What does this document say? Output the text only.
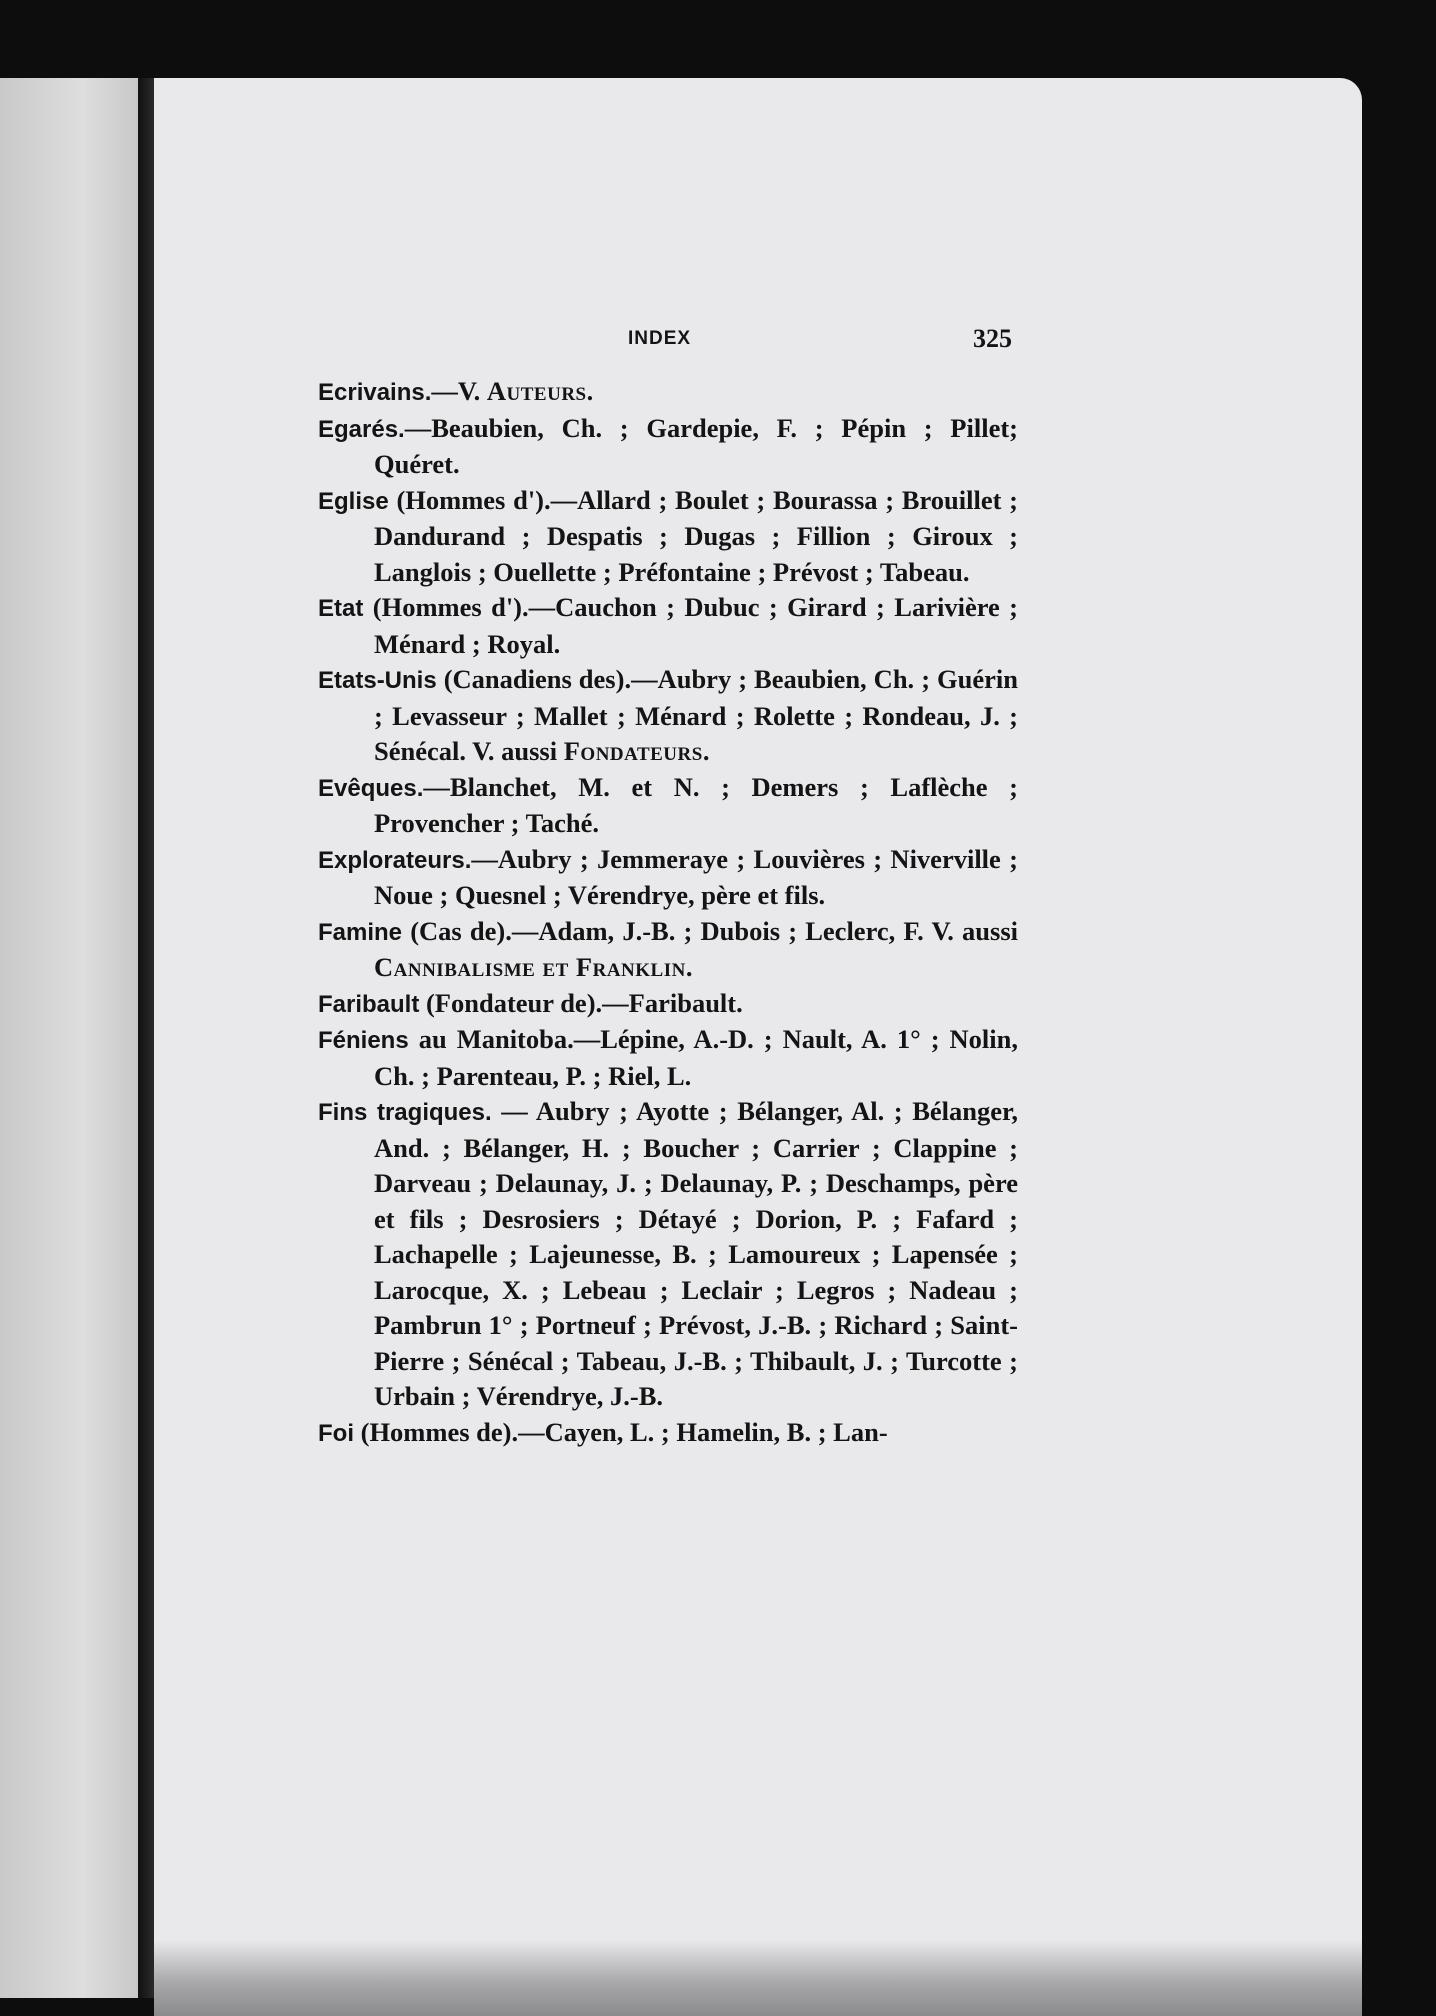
INDEX	325

Ecrivains.—V. Auteurs.

Egarés.—Beaubien, Ch. ; Gardepie, F. ; Pépin ; Pillet; Quéret.

Eglise (Hommes d').—Allard ; Boulet ; Bourassa ; Brouillet ; Dandurand ; Despatis ; Dugas ; Fillion ; Giroux ; Langlois ; Ouellette ; Préfontaine ; Prévost ; Tabeau.

Etat (Hommes d').—Cauchon ; Dubuc ; Girard ; Larivière ; Ménard ; Royal.

Etats-Unis (Canadiens des).—Aubry ; Beaubien, Ch. ; Guérin ; Levasseur ; Mallet ; Ménard ; Rolette ; Rondeau, J. ; Sénécal. V. aussi Fondateurs.

Evêques.—Blanchet, M. et N. ; Demers ; Laflèche ; Provencher ; Taché.

Explorateurs.—Aubry ; Jemmeraye ; Louvières ; Niverville ; Noue ; Quesnel ; Vérendrye, père et fils.

Famine (Cas de).—Adam, J.-B. ; Dubois ; Leclerc, F. V. aussi Cannibalisme et Franklin.

Faribault (Fondateur de).—Faribault.

Féniens au Manitoba.—Lépine, A.-D. ; Nault, A. 1° ; Nolin, Ch. ; Parenteau, P. ; Riel, L.

Fins tragiques. — Aubry ; Ayotte ; Bélanger, Al. ; Bélanger, And. ; Bélanger, H. ; Boucher ; Carrier ; Clappine ; Darveau ; Delaunay, J. ; Delaunay, P. ; Deschamps, père et fils ; Desrosiers ; Détayé ; Dorion, P. ; Fafard ; Lachapelle ; Lajeunesse, B. ; Lamoureux ; Lapensée ; Larocque, X. ; Lebeau ; Leclair ; Legros ; Nadeau ; Pambrun 1° ; Portneuf ; Prévost, J.-B. ; Richard ; Saint-Pierre ; Sénécal ; Tabeau, J.-B. ; Thibault, J. ; Turcotte ; Urbain ; Vérendrye, J.-B.

Foi (Hommes de).—Cayen, L. ; Hamelin, B. ; Lan-
